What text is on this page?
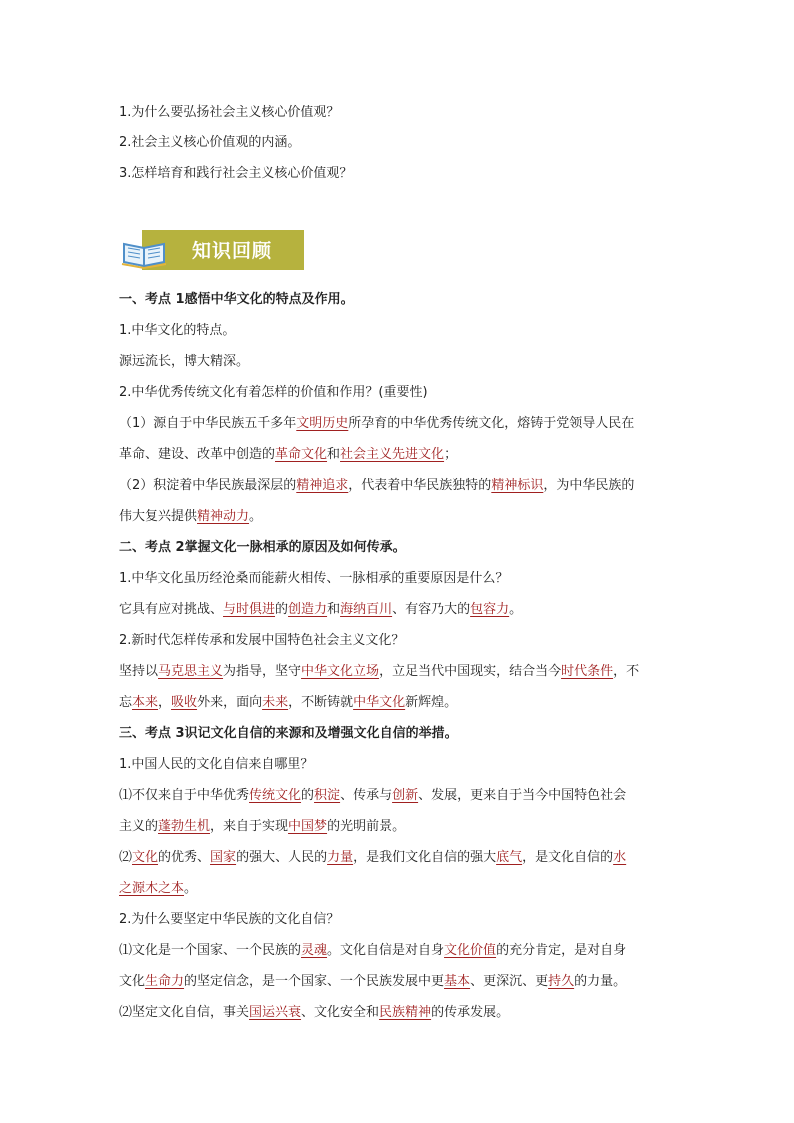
1.为什么要弘扬社会主义核心价值观？
2.社会主义核心价值观的内涵。
3.怎样培育和践行社会主义核心价值观？
知识回顾
一、考点 1感悟中华文化的特点及作用。
1.中华文化的特点。
源远流长，博大精深。
2.中华优秀传统文化有着怎样的价值和作用？(重要性)
（1）源自于中华民族五千多年文明历史所孕育的中华优秀传统文化，熔铸于党领导人民在
革命、建设、改革中创造的革命文化和社会主义先进文化；
（2）积淀着中华民族最深层的精神追求，代表着中华民族独特的精神标识，为中华民族的
伟大复兴提供精神动力。
二、考点 2掌握文化一脉相承的原因及如何传承。
1.中华文化虽历经沧桑而能薪火相传、一脉相承的重要原因是什么？
它具有应对挑战、与时俱进的创造力和海纳百川、有容乃大的包容力。
2.新时代怎样传承和发展中国特色社会主义文化？
坚持以马克思主义为指导，坚守中华文化立场，立足当代中国现实，结合当今时代条件，不
忘本来，吸收外来，面向未来，不断铸就中华文化新辉煌。
三、考点 3识记文化自信的来源和及增强文化自信的举措。
1.中国人民的文化自信来自哪里？
⑴不仅来自于中华优秀传统文化的积淀、传承与创新、发展，更来自于当今中国特色社会
主义的蓬勃生机，来自于实现中国梦的光明前景。
⑵文化的优秀、国家的强大、人民的力量，是我们文化自信的强大底气，是文化自信的水
之源木之本。
2.为什么要坚定中华民族的文化自信？
⑴文化是一个国家、一个民族的灵魂。文化自信是对自身文化价值的充分肯定，是对自身
文化生命力的坚定信念，是一个国家、一个民族发展中更基本、更深沉、更持久的力量。
⑵坚定文化自信，事关国运兴衰、文化安全和民族精神的传承发展。
